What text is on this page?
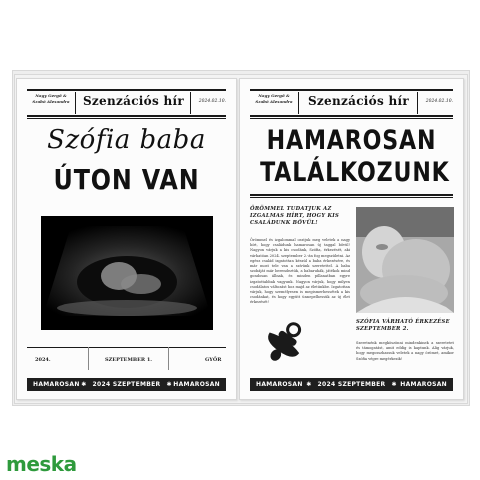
Nagy Gergő &
Szabó Alexandra	Szenzációs hír	2024.02.10.
Szófia baba
ÚTON VAN
2024.	SZEPTEMBER 1.	GYŐR
HAMAROSAN ✱ 2024 SZEPTEMBER ✱ HAMAROSAN
Nagy Gergő &
Szabó Alexandra	Szenzációs hír	2024.02.10.
HAMAROSAN
TALÁLKOZUNK
ÖRÖMMEL TUDATJUK AZ IZGALMAS HÍRT, HOGY KIS CSALÁDUNK BŐVÜL!
Örömmel és izgalommal osztjuk meg veletek a nagy hírt, hogy családunk hamarosan új taggal bővül! Nagyon várjuk a kis csodánk, Szófia, érkezését, aki várhatóan 2024. szeptember 2.-án fog megszületni. Az egész család izgatottan készül a baba érkezésére, és már most tele van a szívünk szeretettel. A baba szobáját már berendeztük, a babaruhák, játékok mind gondosan állnak, és minden pillanatban egyre izgatottabbak vagyunk. Nagyon várjuk, hogy milyen csodálatos változást hoz majd az életünkbe. Izgatottan várjuk, hogy személyesen is megismerhessétek a kis csodánkat, és hogy együtt ünnepelhessük az új élet érkezését!
SZÓFIA VÁRHATÓ ÉRKEZÉSE SZEPTEMBER 2.
Szeretnénk megköszönni mindenkinek a szeretetet és támogatást, amit eddig is kaptunk. Alig várjuk, hogy megosszhassuk veletek a nagy örömet, amikor Szófia végre megérkezik!
HAMAROSAN ✱ 2024 SZEPTEMBER ✱ HAMAROSAN
meska
